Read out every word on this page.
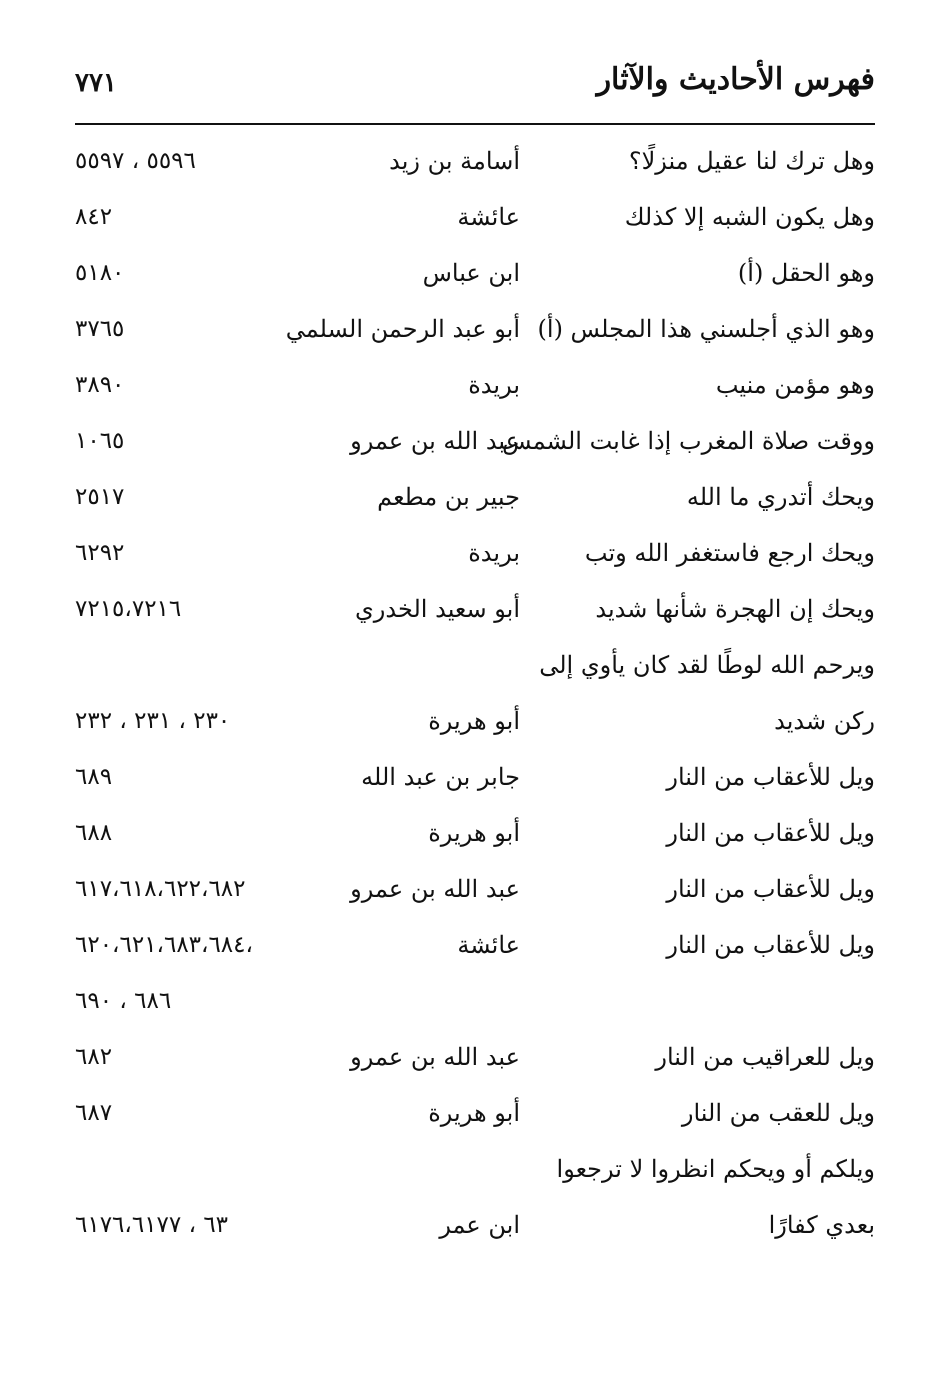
فهرس الأحاديث والآثار
٧٧١
وهل ترك لنا عقيل منزلًا؟
أسامة بن زيد
٥٥٩٦ ، ٥٥٩٧
وهل يكون الشبه إلا كذلك
عائشة
٨٤٢
وهو الحقل (أ)
ابن عباس
٥١٨٠
وهو الذي أجلسني هذا المجلس (أ)
أبو عبد الرحمن السلمي
٣٧٦٥
وهو مؤمن منيب
بريدة
٣٨٩٠
ووقت صلاة المغرب إذا غابت الشمس
عبد الله بن عمرو
١٠٦٥
ويحك أتدري ما الله
جبير بن مطعم
٢٥١٧
ويحك ارجع فاستغفر الله وتب
بريدة
٦٢٩٢
ويحك إن الهجرة شأنها شديد
أبو سعيد الخدري
٧٢١٥،٧٢١٦
ويرحم الله لوطًا لقد كان يأوي إلى
ركن شديد
أبو هريرة
٢٣٠ ، ٢٣١ ، ٢٣٢
ويل للأعقاب من النار
جابر بن عبد الله
٦٨٩
ويل للأعقاب من النار
أبو هريرة
٦٨٨
ويل للأعقاب من النار
عبد الله بن عمرو
٦١٧،٦١٨،٦٢٢،٦٨٢
ويل للأعقاب من النار
عائشة
٦٢٠،٦٢١،٦٨٣،٦٨٤،
٦٨٦ ، ٦٩٠
ويل للعراقيب من النار
عبد الله بن عمرو
٦٨٢
ويل للعقب من النار
أبو هريرة
٦٨٧
ويلكم أو ويحكم انظروا لا ترجعوا
بعدي كفارًا
ابن عمر
٦٣ ، ٦١٧٦،٦١٧٧
